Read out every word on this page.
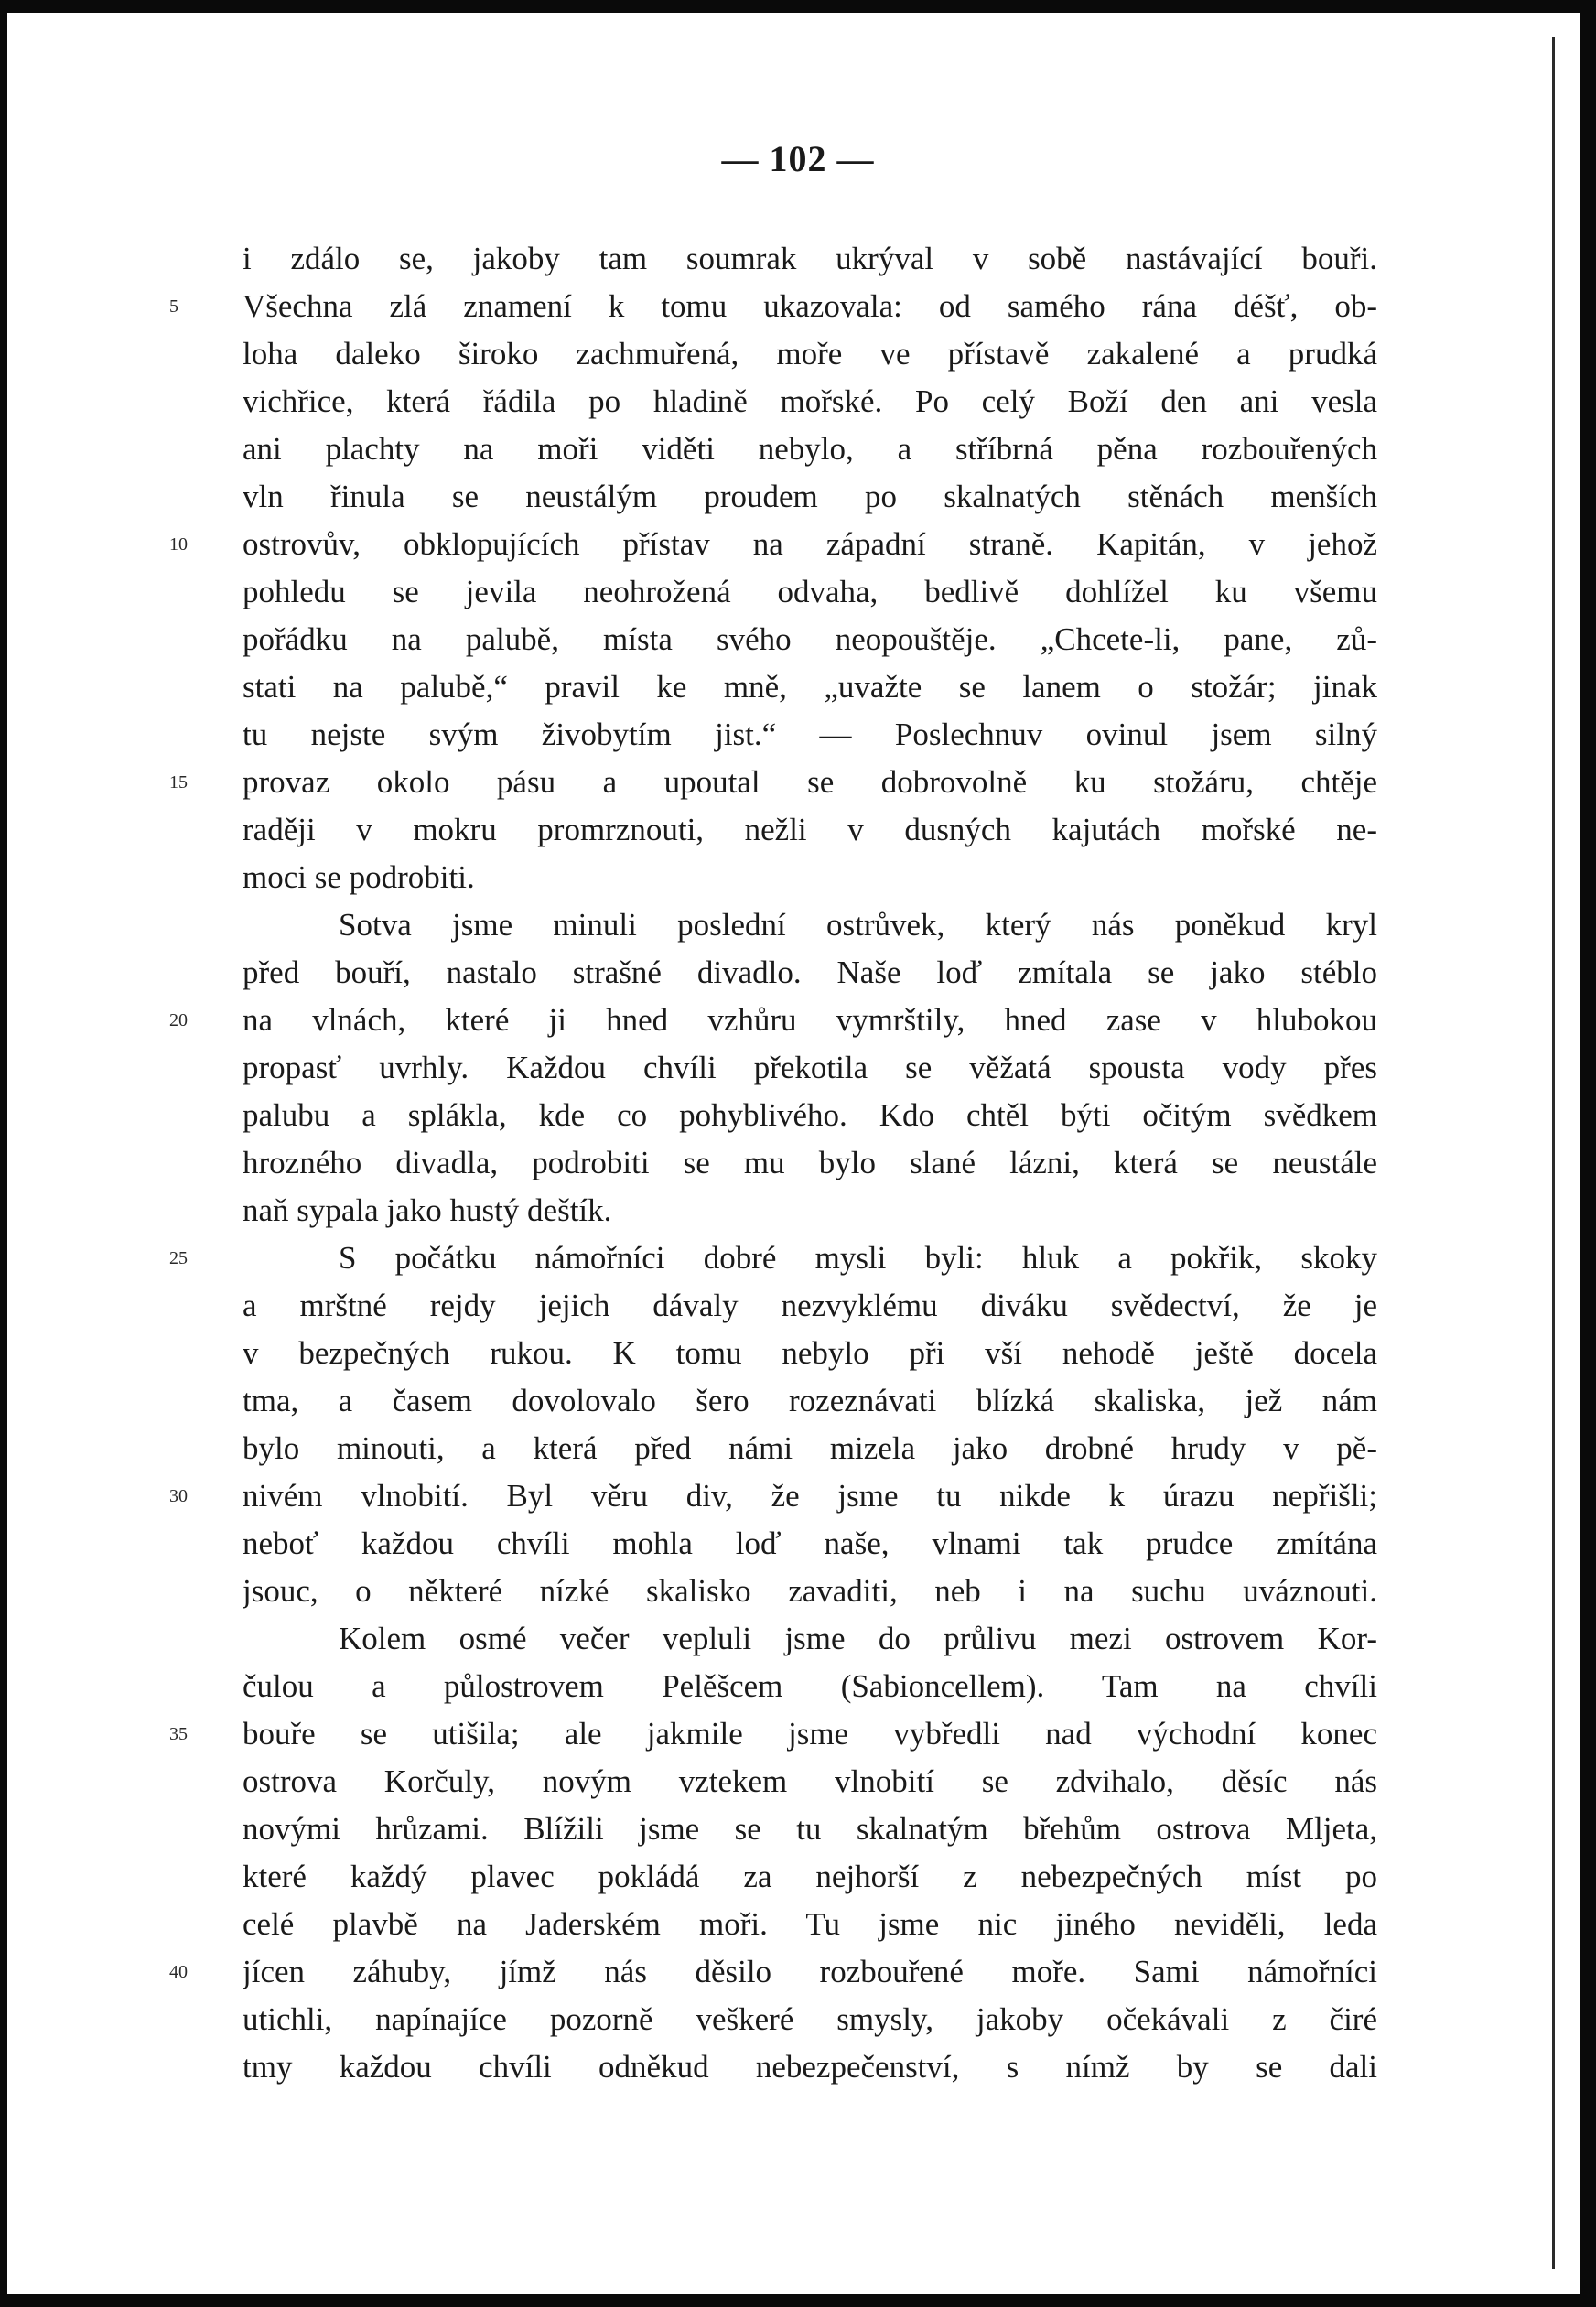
— 102 —
5
10
15
20
25
30
35
40
i zdálo se, jakoby tam soumrak ukrýval v sobě nastávající bouři.
Všechna zlá znamení k tomu ukazovala: od samého rána déšť, ob-
loha daleko široko zachmuřená, moře ve přístavě zakalené a prudká
vichřice, která řádila po hladině mořské. Po celý Boží den ani vesla
ani plachty na moři viděti nebylo, a stříbrná pěna rozbouřených
vln řinula se neustálým proudem po skalnatých stěnách menších
ostrovův, obklopujících přístav na západní straně. Kapitán, v jehož
pohledu se jevila neohrožená odvaha, bedlivě dohlížel ku všemu
pořádku na palubě, místa svého neopouštěje. „Chcete-li, pane, zů-
stati na palubě,“ pravil ke mně, „uvažte se lanem o stožár; jinak
tu nejste svým živobytím jist.“ — Poslechnuv ovinul jsem silný
provaz okolo pásu a upoutal se dobrovolně ku stožáru, chtěje
raději v mokru promrznouti, nežli v dusných kajutách mořské ne-
moci se podrobiti.
Sotva jsme minuli poslední ostrůvek, který nás poněkud kryl
před bouří, nastalo strašné divadlo. Naše loď zmítala se jako stéblo
na vlnách, které ji hned vzhůru vymrštily, hned zase v hlubokou
propasť uvrhly. Každou chvíli překotila se věžatá spousta vody přes
palubu a splákla, kde co pohyblivého. Kdo chtěl býti očitým svědkem
hrozného divadla, podrobiti se mu bylo slané lázni, která se neustále
naň sypala jako hustý deštík.
S počátku námořníci dobré mysli byli: hluk a pokřik, skoky
a mrštné rejdy jejich dávaly nezvyklému diváku svědectví, že je
v bezpečných rukou. K tomu nebylo při vší nehodě ještě docela
tma, a časem dovolovalo šero rozeznávati blízká skaliska, jež nám
bylo minouti, a která před námi mizela jako drobné hrudy v pě-
nivém vlnobití. Byl věru div, že jsme tu nikde k úrazu nepřišli;
neboť každou chvíli mohla loď naše, vlnami tak prudce zmítána
jsouc, o některé nízké skalisko zavaditi, neb i na suchu uváznouti.
Kolem osmé večer vepluli jsme do průlivu mezi ostrovem Kor-
čulou a půlostrovem Pelěšcem (Sabioncellem). Tam na chvíli
bouře se utišila; ale jakmile jsme vybředli nad východní konec
ostrova Korčuly, novým vztekem vlnobití se zdvihalo, děsíc nás
novými hrůzami. Blížili jsme se tu skalnatým břehům ostrova Mljeta,
které každý plavec pokládá za nejhorší z nebezpečných míst po
celé plavbě na Jaderském moři. Tu jsme nic jiného neviděli, leda
jícen záhuby, jímž nás děsilo rozbouřené moře. Sami námořníci
utichli, napínajíce pozorně veškeré smysly, jakoby očekávali z čiré
tmy každou chvíli odněkud nebezpečenství, s nímž by se dali
